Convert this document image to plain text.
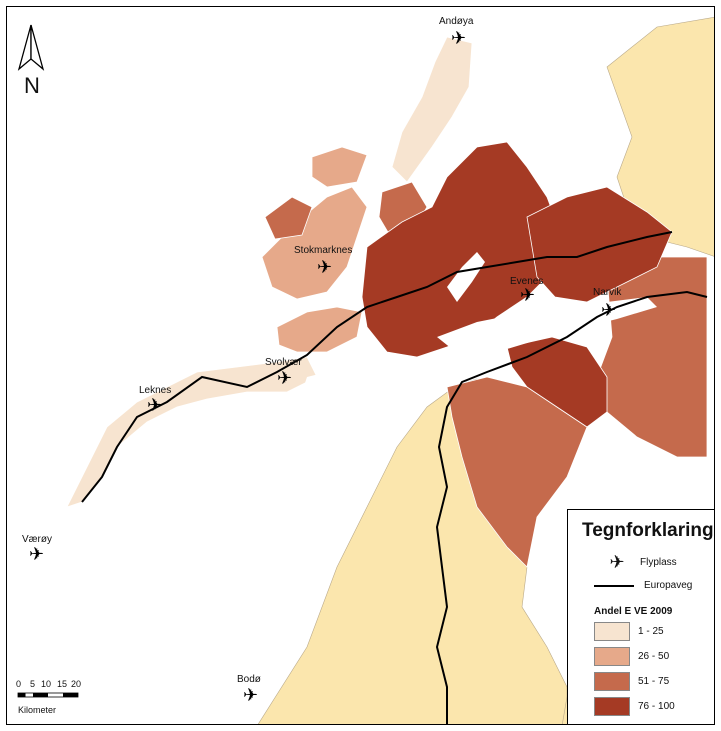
N
Andøya
✈
Stokmarknes
✈
Evenes
✈	Narvik
✈
Svolvær
✈
Leknes
✈
Værøy
✈
Bodø
✈
0 5 10 15 20
Kilometer
Tegnforklaring
✈	Flyplass
Europaveg
Andel E VE 2009
1 - 25
26 - 50
51 - 75
76 - 100
